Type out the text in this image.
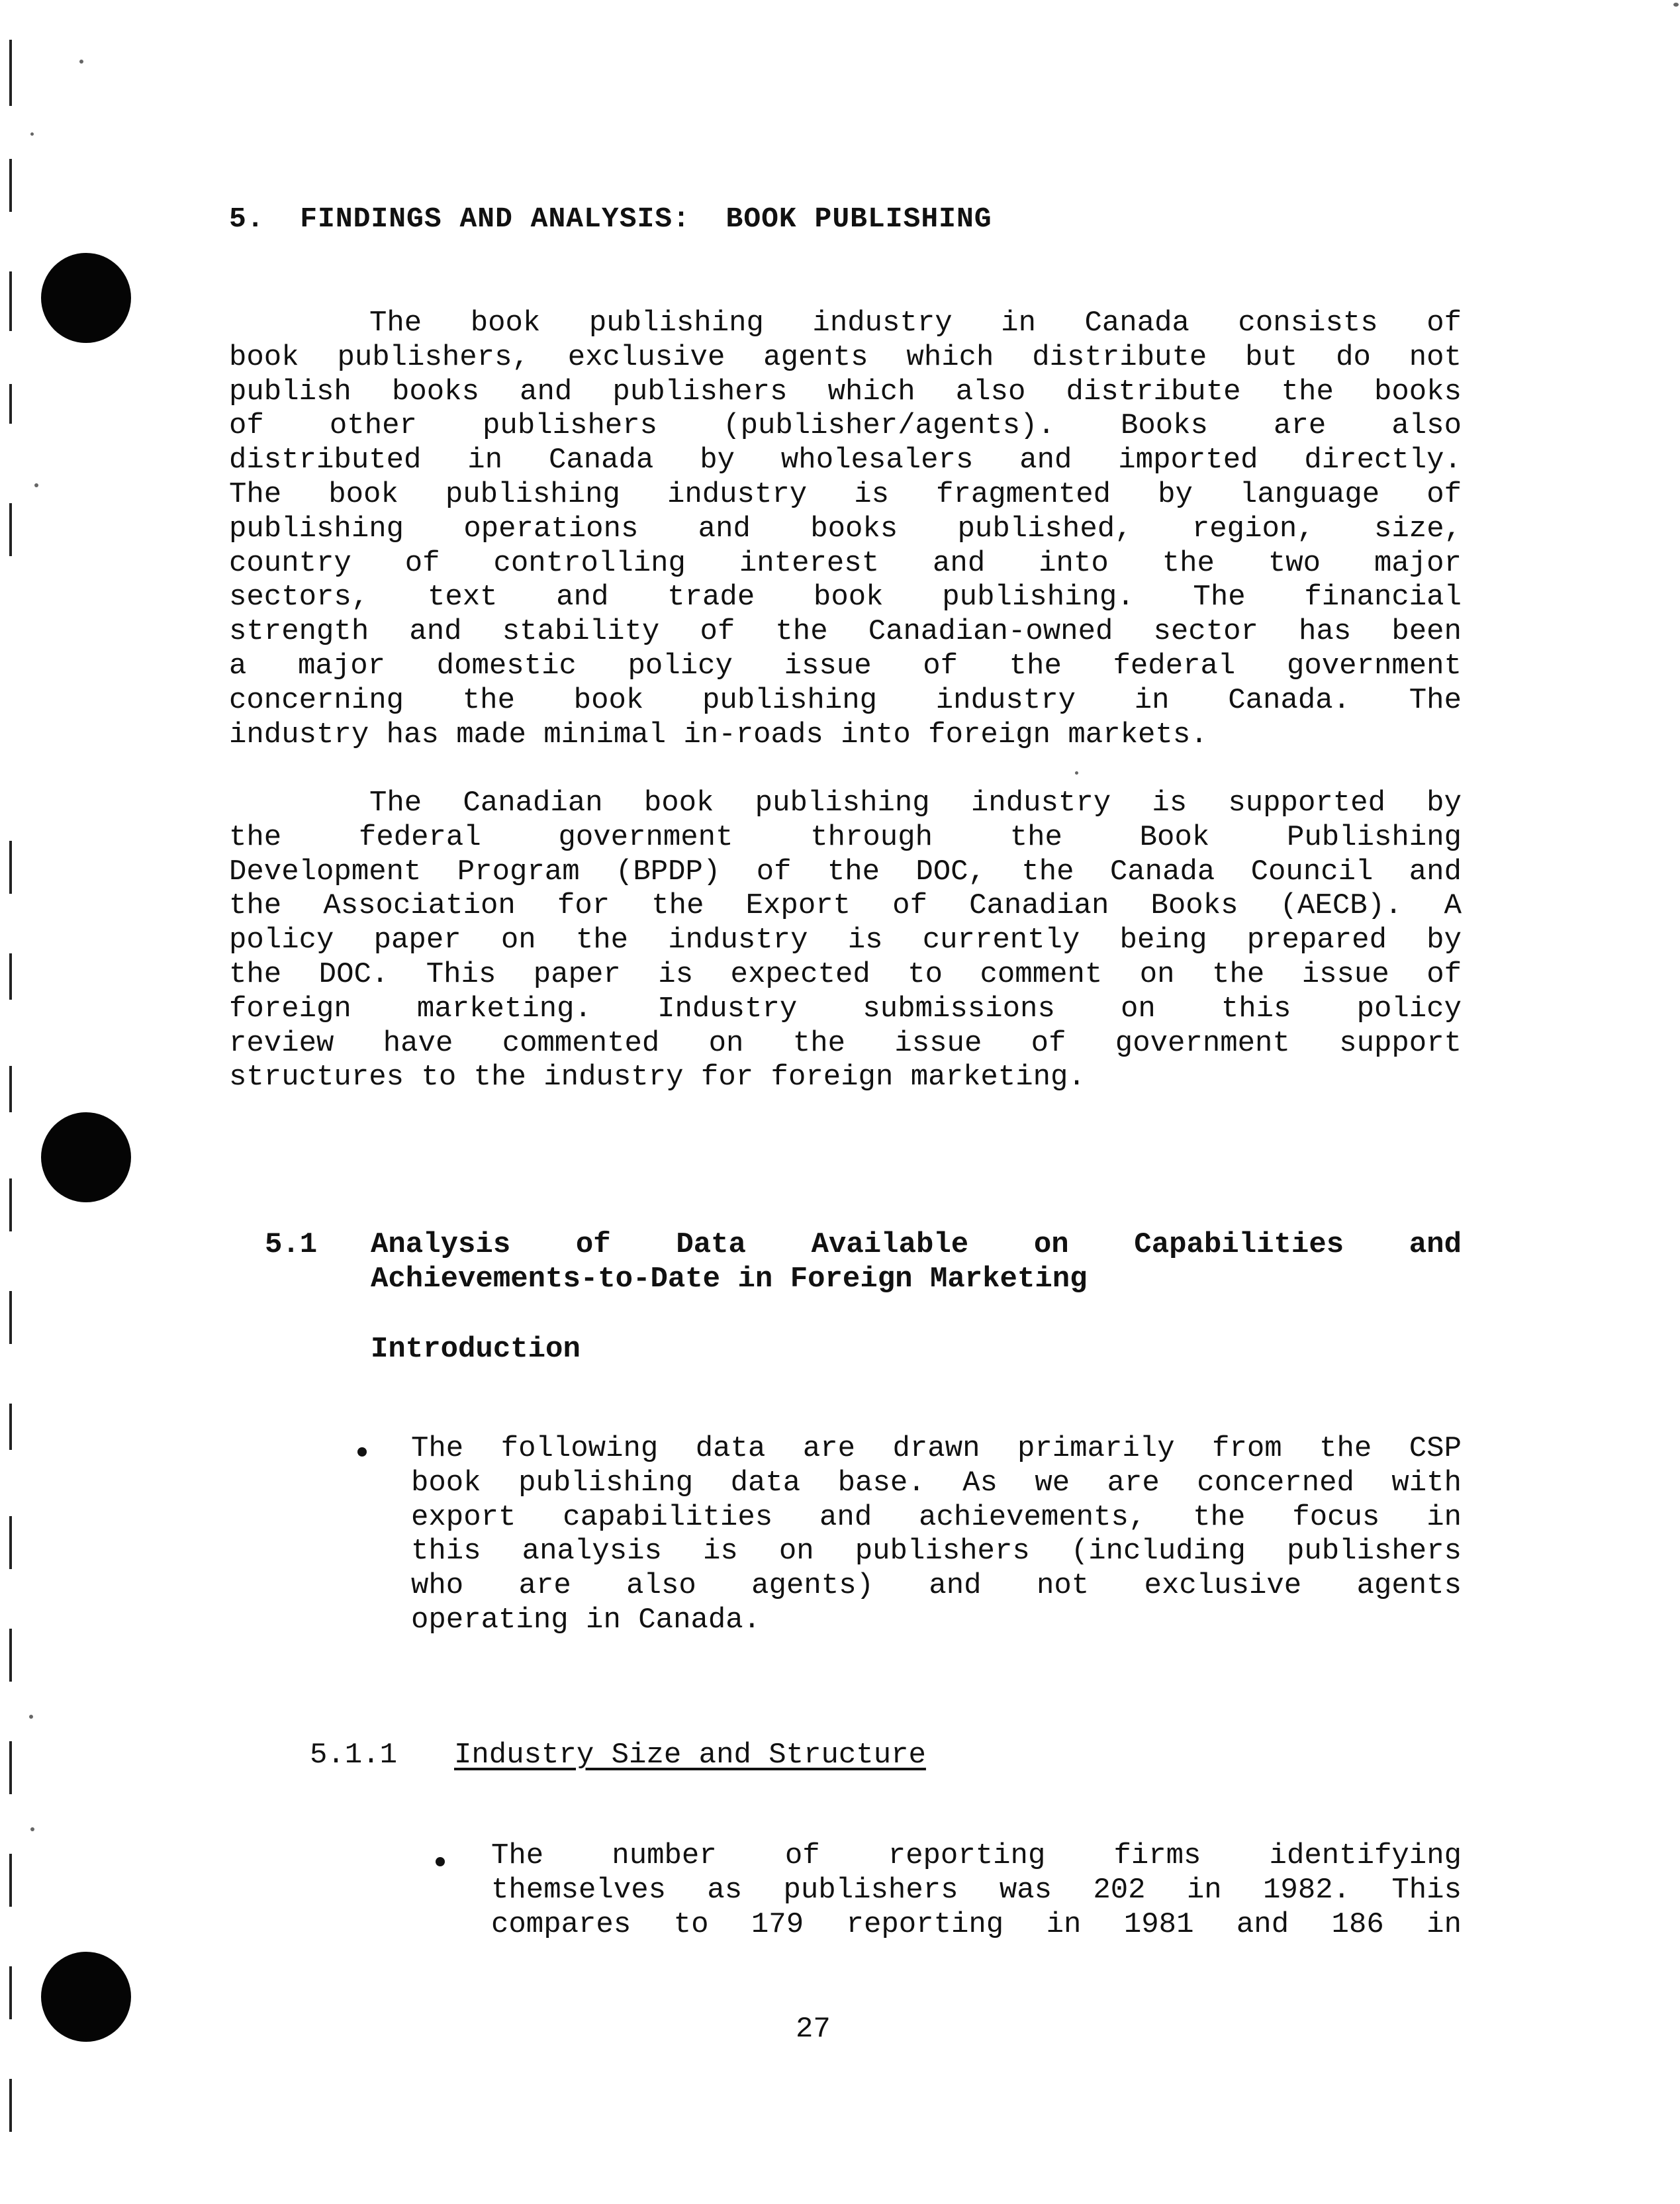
5.  FINDINGS AND ANALYSIS:  BOOK PUBLISHING
The book publishing industry in Canada consists of
book publishers, exclusive agents which distribute but do not
publish books and publishers which also distribute the books
of other publishers (publisher/agents). Books are also
distributed in Canada by wholesalers and imported directly.
The book publishing industry is fragmented by language of
publishing operations and books published, region, size,
country of controlling interest and into the two major
sectors, text and trade book publishing. The financial
strength and stability of the Canadian-owned sector has been
a major domestic policy issue of the federal government
concerning the book publishing industry in Canada. The
industry has made minimal in-roads into foreign markets.
The Canadian book publishing industry is supported by
the federal government through the Book Publishing
Development Program (BPDP) of the DOC, the Canada Council and
the Association for the Export of Canadian Books (AECB). A
policy paper on the industry is currently being prepared by
the DOC. This paper is expected to comment on the issue of
foreign marketing. Industry submissions on this policy
review have commented on the issue of government support
structures to the industry for foreign marketing.
5.1 Analysis of Data Available on Capabilities and
Achievements-to-Date in Foreign Marketing
Introduction
The following data are drawn primarily from the CSP
book publishing data base. As we are concerned with
export capabilities and achievements, the focus in
this analysis is on publishers (including publishers
who are also agents) and not exclusive agents
operating in Canada.
5.1.1 Industry Size and Structure
The number of reporting firms identifying
themselves as publishers was 202 in 1982. This
compares to 179 reporting in 1981 and 186 in
27
